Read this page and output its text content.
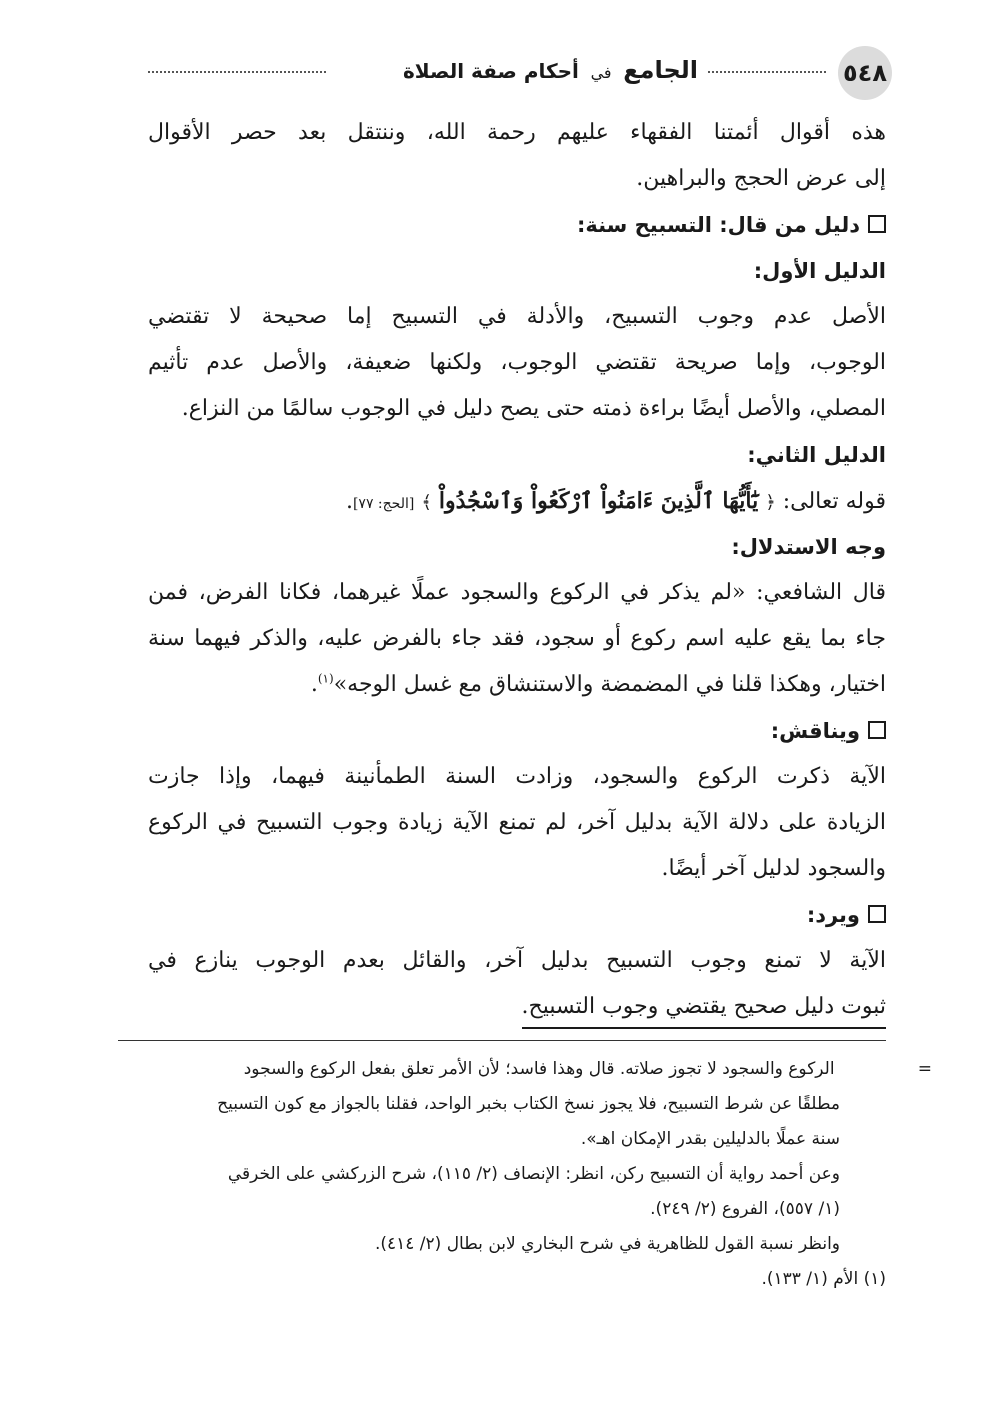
٥٤٨
الجامع في أحكام صفة الصلاة
هذه أقوال أئمتنا الفقهاء عليهم رحمة الله، وننتقل بعد حصر الأقوال
إلى عرض الحجج والبراهين.
دليل من قال: التسبيح سنة:
الدليل الأول:
الأصل عدم وجوب التسبيح، والأدلة في التسبيح إما صحيحة لا تقتضي
الوجوب، وإما صريحة تقتضي الوجوب، ولكنها ضعيفة، والأصل عدم تأثيم
المصلي، والأصل أيضًا براءة ذمته حتى يصح دليل في الوجوب سالمًا من النزاع.
الدليل الثاني:
قوله تعالى: ﴿ يَٰٓأَيُّهَا ٱلَّذِينَ ءَامَنُواْ ٱرْكَعُواْ وَٱسْجُدُواْ ﴾ [الحج: ٧٧].
وجه الاستدلال:
قال الشافعي: «لم يذكر في الركوع والسجود عملًا غيرهما، فكانا الفرض، فمن
جاء بما يقع عليه اسم ركوع أو سجود، فقد جاء بالفرض عليه، والذكر فيهما سنة
اختيار، وهكذا قلنا في المضمضة والاستنشاق مع غسل الوجه»$^{(١)}$.
ويناقش:
الآية ذكرت الركوع والسجود، وزادت السنة الطمأنينة فيهما، وإذا جازت
الزيادة على دلالة الآية بدليل آخر، لم تمنع الآية زيادة وجوب التسبيح في الركوع
والسجود لدليل آخر أيضًا.
ويرد:
الآية لا تمنع وجوب التسبيح بدليل آخر، والقائل بعدم الوجوب ينازع في
ثبوت دليل صحيح يقتضي وجوب التسبيح.
= الركوع والسجود لا تجوز صلاته. قال وهذا فاسد؛ لأن الأمر تعلق بفعل الركوع والسجود
مطلقًا عن شرط التسبيح، فلا يجوز نسخ الكتاب بخبر الواحد، فقلنا بالجواز مع كون التسبيح
سنة عملًا بالدليلين بقدر الإمكان اهـ».
وعن أحمد رواية أن التسبيح ركن، انظر: الإنصاف (٢/ ١١٥)، شرح الزركشي على الخرقي
(١/ ٥٥٧)، الفروع (٢/ ٢٤٩).
وانظر نسبة القول للظاهرية في شرح البخاري لابن بطال (٢/ ٤١٤).
(١) الأم (١/ ١٣٣).
